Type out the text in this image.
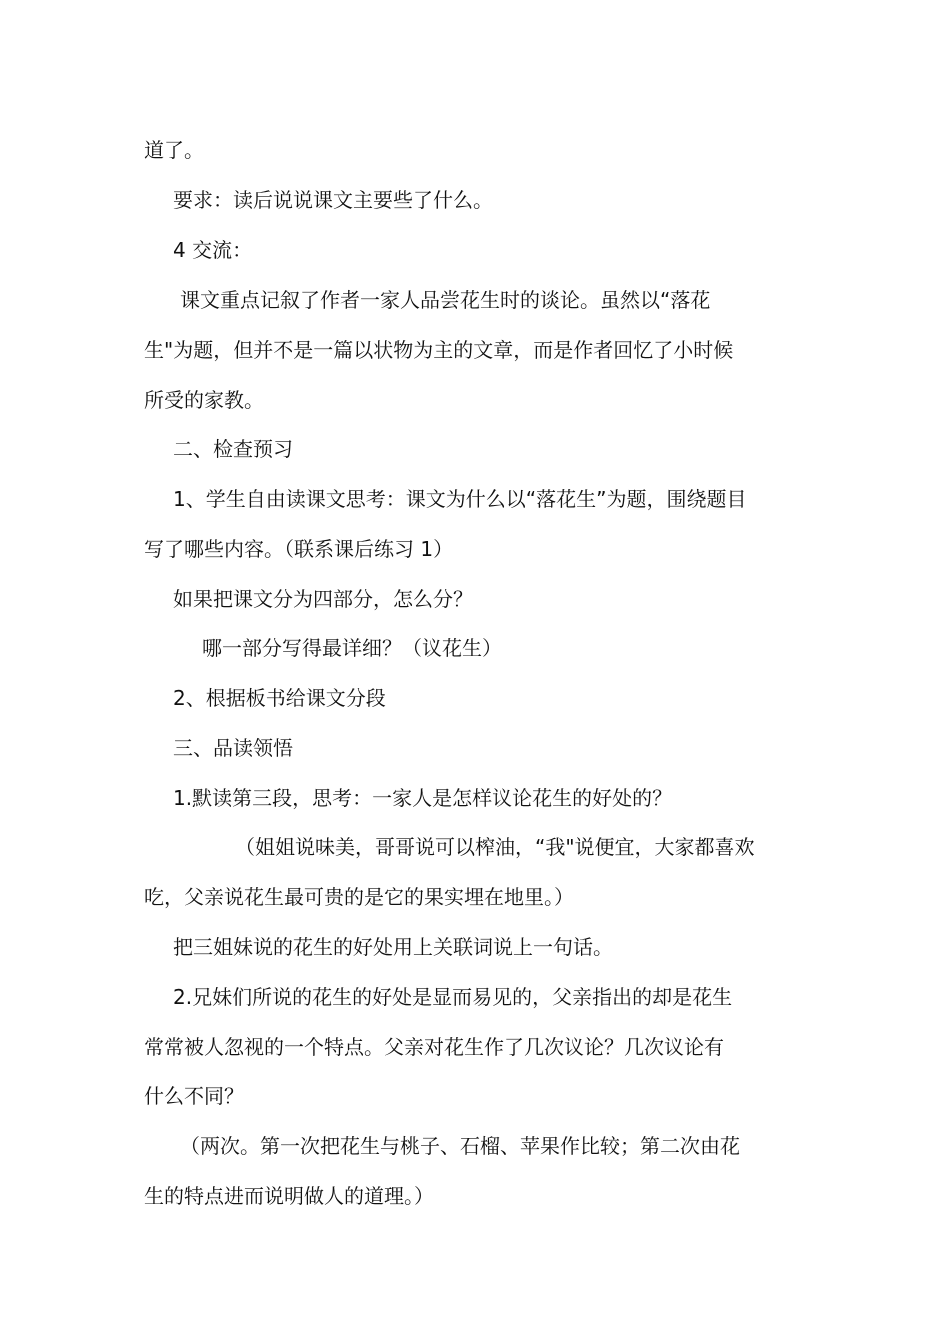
道了。

要求：读后说说课文主要些了什么。

4 交流：

课文重点记叙了作者一家人品尝花生时的谈论。虽然以“落花

生"为题，但并不是一篇以状物为主的文章，而是作者回忆了小时候

所受的家教。

二、检查预习

1、学生自由读课文思考：课文为什么以“落花生”为题，围绕题目

写了哪些内容。（联系课后练习 1）

如果把课文分为四部分，怎么分？

哪一部分写得最详细？（议花生）

2、根据板书给课文分段

三、品读领悟

1.默读第三段，思考：一家人是怎样议论花生的好处的？

（姐姐说味美，哥哥说可以榨油，“我"说便宜，大家都喜欢

吃，父亲说花生最可贵的是它的果实埋在地里。）

把三姐妹说的花生的好处用上关联词说上一句话。

2.兄妹们所说的花生的好处是显而易见的，父亲指出的却是花生

常常被人忽视的一个特点。父亲对花生作了几次议论？几次议论有

什么不同？

（两次。第一次把花生与桃子、石榴、苹果作比较；第二次由花

生的特点进而说明做人的道理。）
